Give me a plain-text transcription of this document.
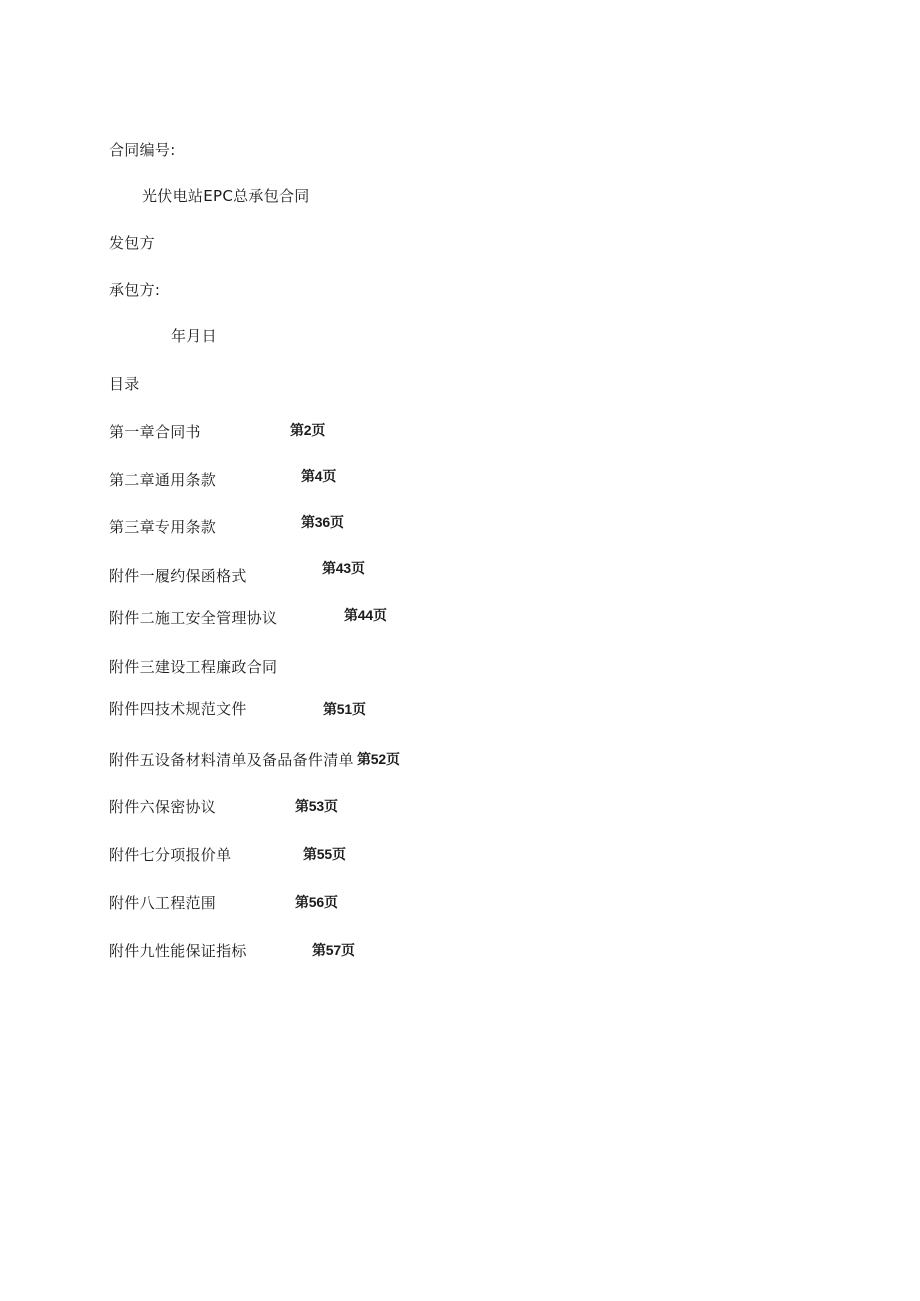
合同编号:
光伏电站EPC总承包合同
发包方
承包方:
年月日
目录
第一章合同书	第2页
第二章通用条款	第4页
第三章专用条款	第36页
附件一履约保函格式	第43页
附件二施工安全管理协议	第44页
附件三建设工程廉政合同
附件四技术规范文件	第51页
附件五设备材料清单及备品备件清单 第52页
附件六保密协议	第53页
附件七分项报价单	第55页
附件八工程范围	第56页
附件九性能保证指标	第57页
